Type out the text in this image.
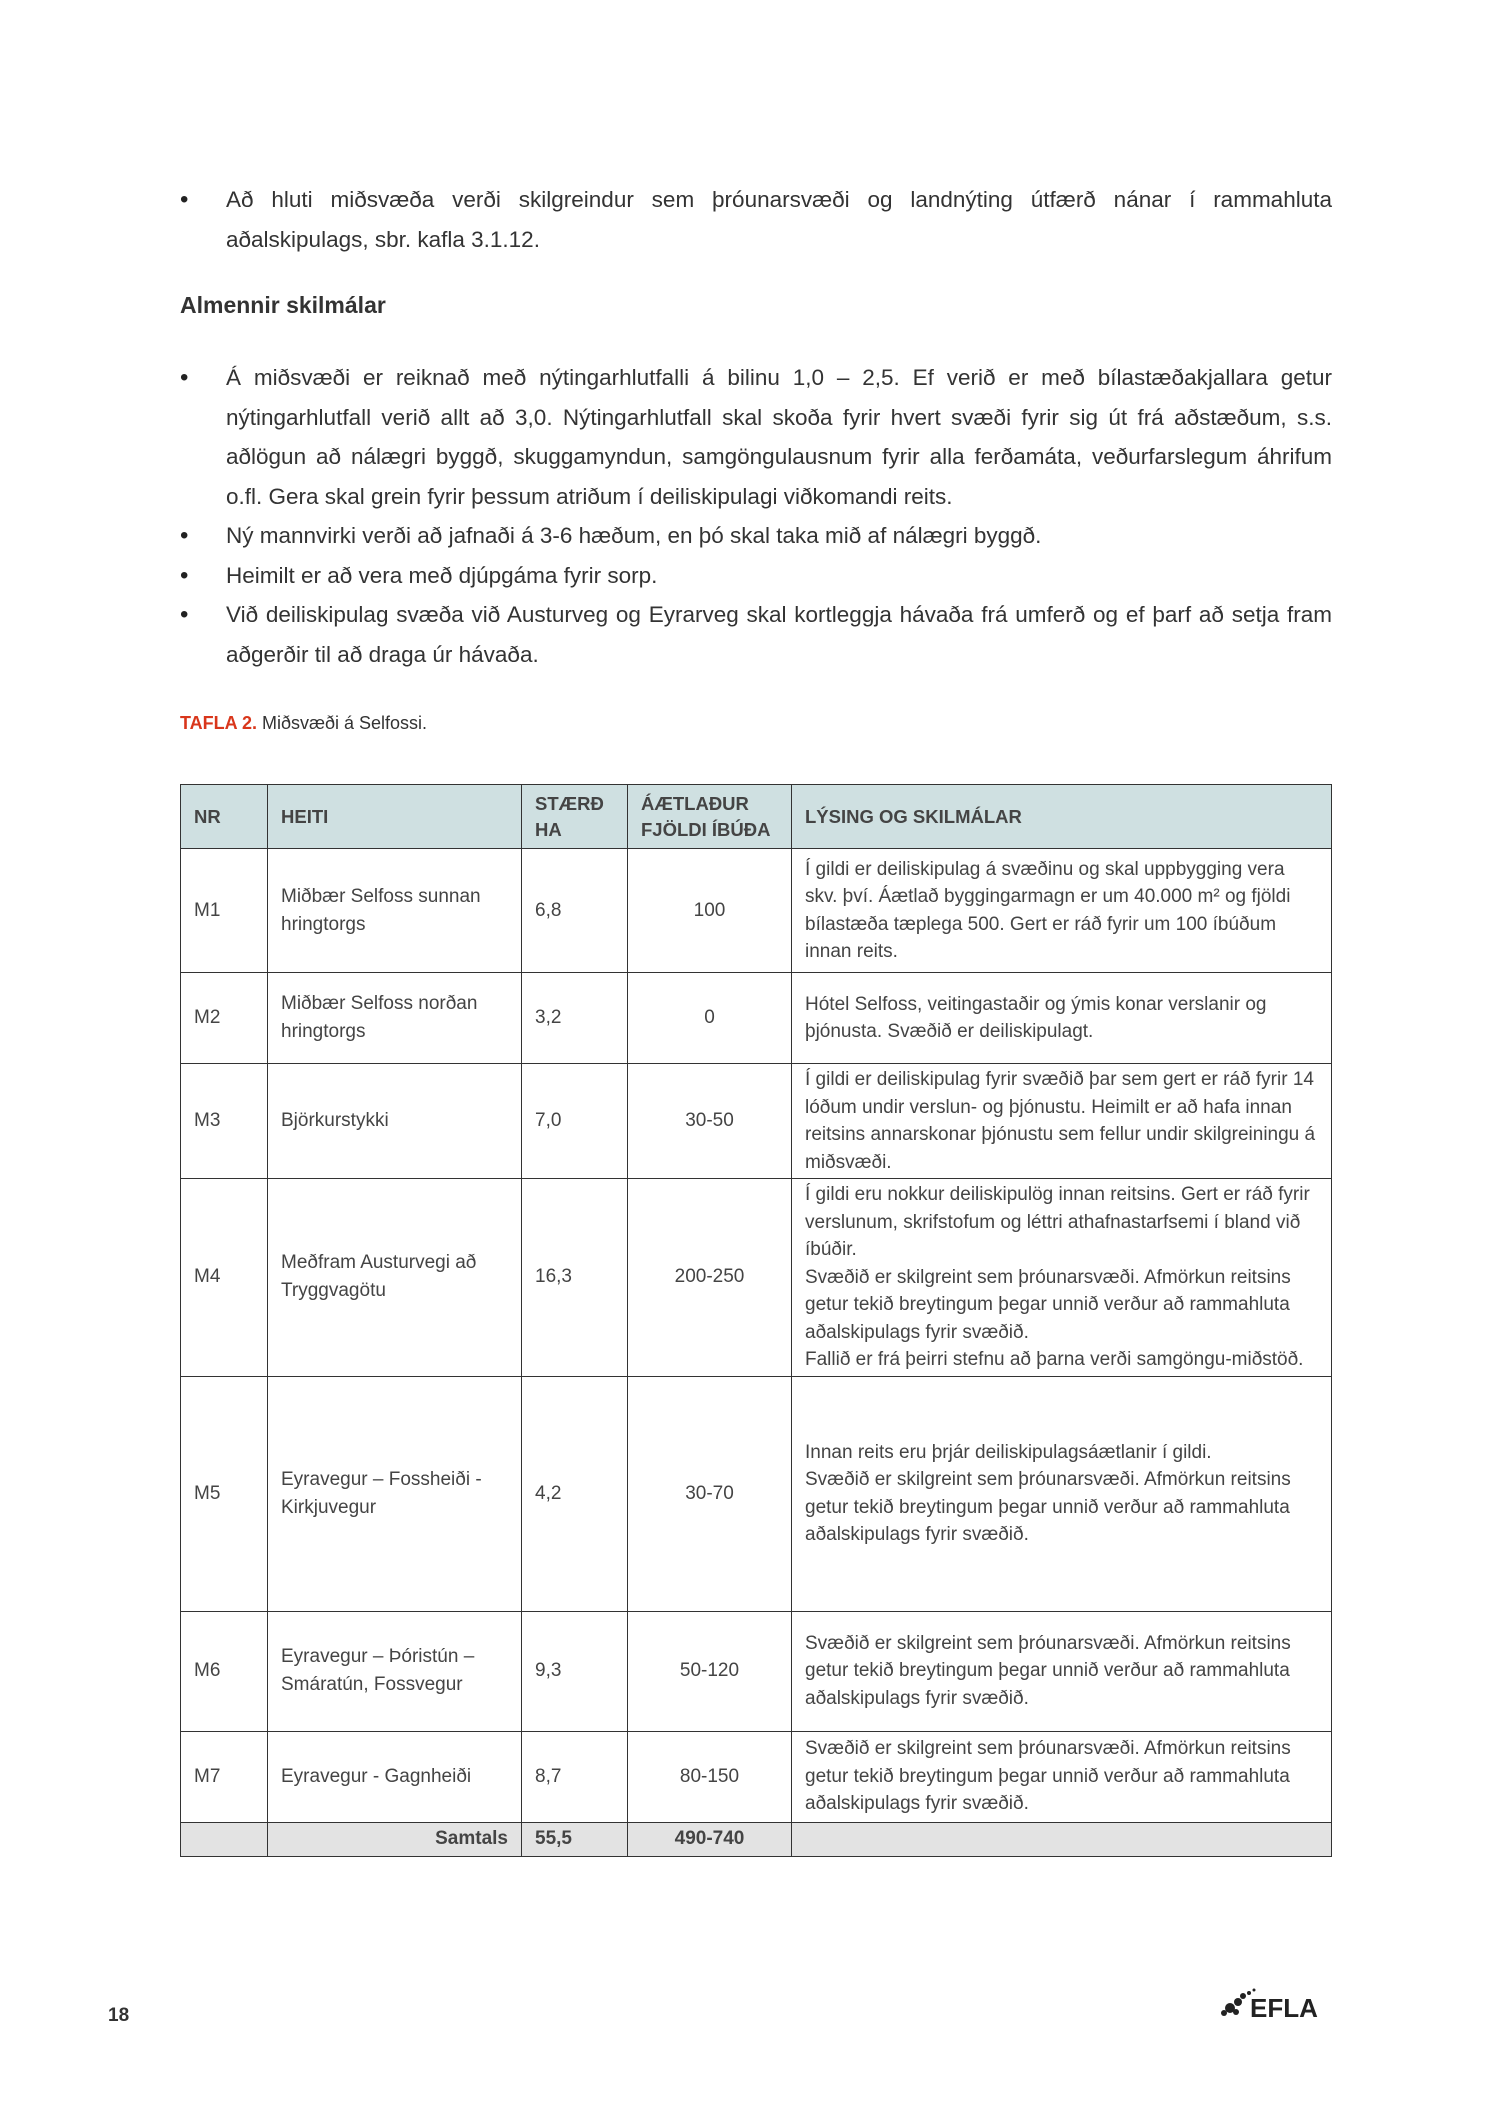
• Að hluti miðsvæða verði skilgreindur sem þróunarsvæði og landnýting útfærð nánar í rammahluta aðalskipulags, sbr. kafla 3.1.12.
Almennir skilmálar
• Á miðsvæði er reiknað með nýtingarhlutfalli á bilinu 1,0 – 2,5. Ef verið er með bílastæðakjallara getur nýtingarhlutfall verið allt að 3,0. Nýtingarhlutfall skal skoða fyrir hvert svæði fyrir sig út frá aðstæðum, s.s. aðlögun að nálægri byggð, skuggamyndun, samgöngulausnum fyrir alla ferðamáta, veðurfarslegum áhrifum o.fl. Gera skal grein fyrir þessum atriðum í deiliskipulagi viðkomandi reits.
• Ný mannvirki verði að jafnaði á 3-6 hæðum, en þó skal taka mið af nálægri byggð.
• Heimilt er að vera með djúpgáma fyrir sorp.
• Við deiliskipulag svæða við Austurveg og Eyrarveg skal kortleggja hávaða frá umferð og ef þarf að setja fram aðgerðir til að draga úr hávaða.
TAFLA 2. Miðsvæði á Selfossi.
NR	HEITI	STÆRÐ HA	ÁÆTLAÐUR FJÖLDI ÍBÚÐA	LÝSING OG SKILMÁLAR
M1	Miðbær Selfoss sunnan hringtorgs	6,8	100	Í gildi er deiliskipulag á svæðinu og skal uppbygging vera skv. því. Áætlað byggingarmagn er um 40.000 m² og fjöldi bílastæða tæplega 500. Gert er ráð fyrir um 100 íbúðum innan reits.
M2	Miðbær Selfoss norðan hringtorgs	3,2	0	Hótel Selfoss, veitingastaðir og ýmis konar verslanir og þjónusta. Svæðið er deiliskipulagt.
M3	Björkurstykki	7,0	30-50	Í gildi er deiliskipulag fyrir svæðið þar sem gert er ráð fyrir 14 lóðum undir verslun- og þjónustu. Heimilt er að hafa innan reitsins annarskonar þjónustu sem fellur undir skilgreiningu á miðsvæði.
M4	Meðfram Austurvegi að Tryggvagötu	16,3	200-250	Í gildi eru nokkur deiliskipulög innan reitsins. Gert er ráð fyrir verslunum, skrifstofum og léttri athafnastarfsemi í bland við íbúðir.
Svæðið er skilgreint sem þróunarsvæði. Afmörkun reitsins getur tekið breytingum þegar unnið verður að rammahluta aðalskipulags fyrir svæðið.
Fallið er frá þeirri stefnu að þarna verði samgöngu-miðstöð.
M5	Eyravegur – Fossheiði - Kirkjuvegur	4,2	30-70	Innan reits eru þrjár deiliskipulagsáætlanir í gildi.
Svæðið er skilgreint sem þróunarsvæði. Afmörkun reitsins getur tekið breytingum þegar unnið verður að rammahluta aðalskipulags fyrir svæðið.
M6	Eyravegur – Þóristún – Smáratún, Fossvegur	9,3	50-120	Svæðið er skilgreint sem þróunarsvæði. Afmörkun reitsins getur tekið breytingum þegar unnið verður að rammahluta aðalskipulags fyrir svæðið.
M7	Eyravegur - Gagnheiði	8,7	80-150	Svæðið er skilgreint sem þróunarsvæði. Afmörkun reitsins getur tekið breytingum þegar unnið verður að rammahluta aðalskipulags fyrir svæðið.
	Samtals	55,5	490-740	
18	EFLA
